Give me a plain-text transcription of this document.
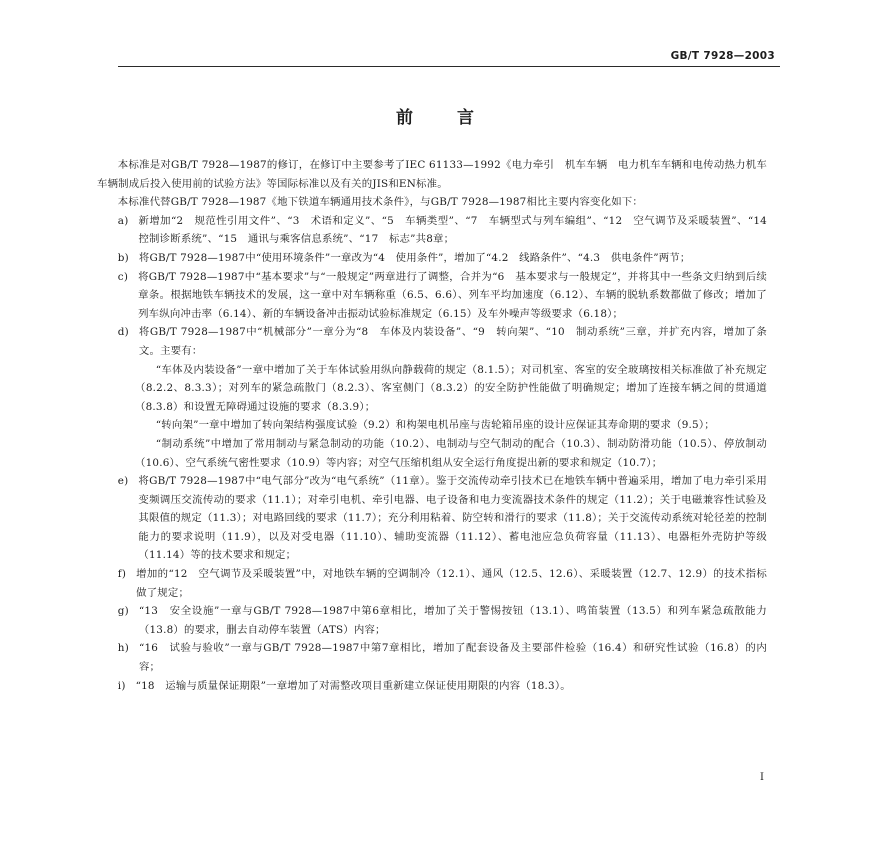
GB/T 7928—2003
前言

本标准是对GB/T 7928—1987的修订，在修订中主要参考了IEC 61133—1992《电力牵引　机车车辆　电力机车车辆和电传动热力机车车辆制成后投入使用前的试验方法》等国际标准以及有关的JIS和EN标准。

本标准代替GB/T 7928—1987《地下铁道车辆通用技术条件》，与GB/T 7928—1987相比主要内容变化如下：

a) 新增加“2　规范性引用文件”、“3　术语和定义”、“5　车辆类型”、“7　车辆型式与列车编组”、“12　空气调节及采暖装置”、“14　控制诊断系统”、“15　通讯与乘客信息系统”、“17　标志”共8章；
b) 将GB/T 7928—1987中“使用环境条件”一章改为“4　使用条件”，增加了“4.2　线路条件”、“4.3　供电条件”两节；
c) 将GB/T 7928—1987中“基本要求”与“一般规定”两章进行了调整，合并为“6　基本要求与一般规定”，并将其中一些条文归纳到后续章条。根据地铁车辆技术的发展，这一章中对车辆称重（6.5、6.6）、列车平均加速度（6.12）、车辆的脱轨系数都做了修改；增加了列车纵向冲击率（6.14）、新的车辆设备冲击振动试验标准规定（6.15）及车外噪声等级要求（6.18）；
d) 将GB/T 7928—1987中“机械部分”一章分为“8　车体及内装设备”、“9　转向架”、“10　制动系统”三章，并扩充内容，增加了条文。主要有：

“车体及内装设备”一章中增加了关于车体试验用纵向静载荷的规定（8.1.5）；对司机室、客室的安全玻璃按相关标准做了补充规定（8.2.2、8.3.3）；对列车的紧急疏散门（8.2.3）、客室侧门（8.3.2）的安全防护性能做了明确规定；增加了连接车辆之间的贯通道（8.3.8）和设置无障碍通过设施的要求（8.3.9）；

“转向架”一章中增加了转向架结构强度试验（9.2）和构架电机吊座与齿轮箱吊座的设计应保证其寿命期的要求（9.5）；

“制动系统”中增加了常用制动与紧急制动的功能（10.2）、电制动与空气制动的配合（10.3）、制动防滑功能（10.5）、停放制动（10.6）、空气系统气密性要求（10.9）等内容；对空气压缩机组从安全运行角度提出新的要求和规定（10.7）；

e) 将GB/T 7928—1987中“电气部分”改为“电气系统”（11章）。鉴于交流传动牵引技术已在地铁车辆中普遍采用，增加了电力牵引采用变频调压交流传动的要求（11.1）；对牵引电机、牵引电器、电子设备和电力变流器技术条件的规定（11.2）；关于电磁兼容性试验及其限值的规定（11.3）；对电路回线的要求（11.7）；充分利用粘着、防空转和滑行的要求（11.8）；关于交流传动系统对轮径差的控制能力的要求说明（11.9），以及对受电器（11.10）、辅助变流器（11.12）、蓄电池应急负荷容量（11.13）、电器柜外壳防护等级（11.14）等的技术要求和规定；
f) 增加的“12　空气调节及采暖装置”中，对地铁车辆的空调制冷（12.1）、通风（12.5、12.6）、采暖装置（12.7、12.9）的技术指标做了规定；
g) “13　安全设施”一章与GB/T 7928—1987中第6章相比，增加了关于警惕按钮（13.1）、鸣笛装置（13.5）和列车紧急疏散能力（13.8）的要求，删去自动停车装置（ATS）内容；
h) “16　试验与验收”一章与GB/T 7928—1987中第7章相比，增加了配套设备及主要部件检验（16.4）和研究性试验（16.8）的内容；
i) “18　运输与质量保证期限”一章增加了对需整改项目重新建立保证使用期限的内容（18.3）。
I
